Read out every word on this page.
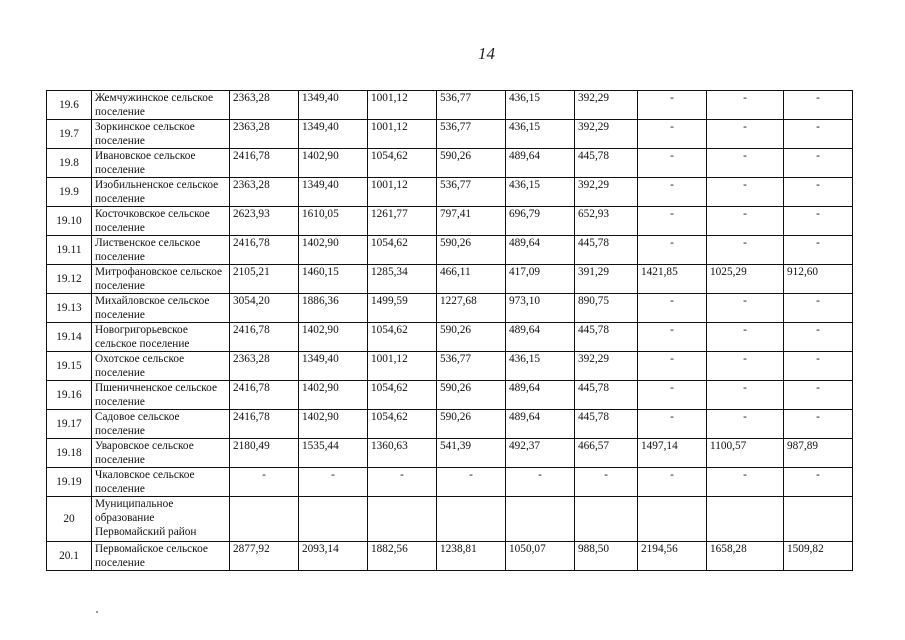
14
19.6	Жемчужинское сельское поселение	2363,28	1349,40	1001,12	536,77	436,15	392,29	-	-	-
19.7	Зоркинское сельское поселение	2363,28	1349,40	1001,12	536,77	436,15	392,29	-	-	-
19.8	Ивановское сельское поселение	2416,78	1402,90	1054,62	590,26	489,64	445,78	-	-	-
19.9	Изобильненское сельское поселение	2363,28	1349,40	1001,12	536,77	436,15	392,29	-	-	-
19.10	Косточковское сельское поселение	2623,93	1610,05	1261,77	797,41	696,79	652,93	-	-	-
19.11	Лиственское сельское поселение	2416,78	1402,90	1054,62	590,26	489,64	445,78	-	-	-
19.12	Митрофановское сельское поселение	2105,21	1460,15	1285,34	466,11	417,09	391,29	1421,85	1025,29	912,60
19.13	Михайловское сельское поселение	3054,20	1886,36	1499,59	1227,68	973,10	890,75	-	-	-
19.14	Новогригорьевское сельское поселение	2416,78	1402,90	1054,62	590,26	489,64	445,78	-	-	-
19.15	Охотское сельское поселение	2363,28	1349,40	1001,12	536,77	436,15	392,29	-	-	-
19.16	Пшеничненское сельское поселение	2416,78	1402,90	1054,62	590,26	489,64	445,78	-	-	-
19.17	Садовое сельское поселение	2416,78	1402,90	1054,62	590,26	489,64	445,78	-	-	-
19.18	Уваровское сельское поселение	2180,49	1535,44	1360,63	541,39	492,37	466,57	1497,14	1100,57	987,89
19.19	Чкаловское сельское поселение	-	-	-	-	-	-	-	-	-
20	Муниципальное образование Первомайский район									
20.1	Первомайское сельское поселение	2877,92	2093,14	1882,56	1238,81	1050,07	988,50	2194,56	1658,28	1509,82
